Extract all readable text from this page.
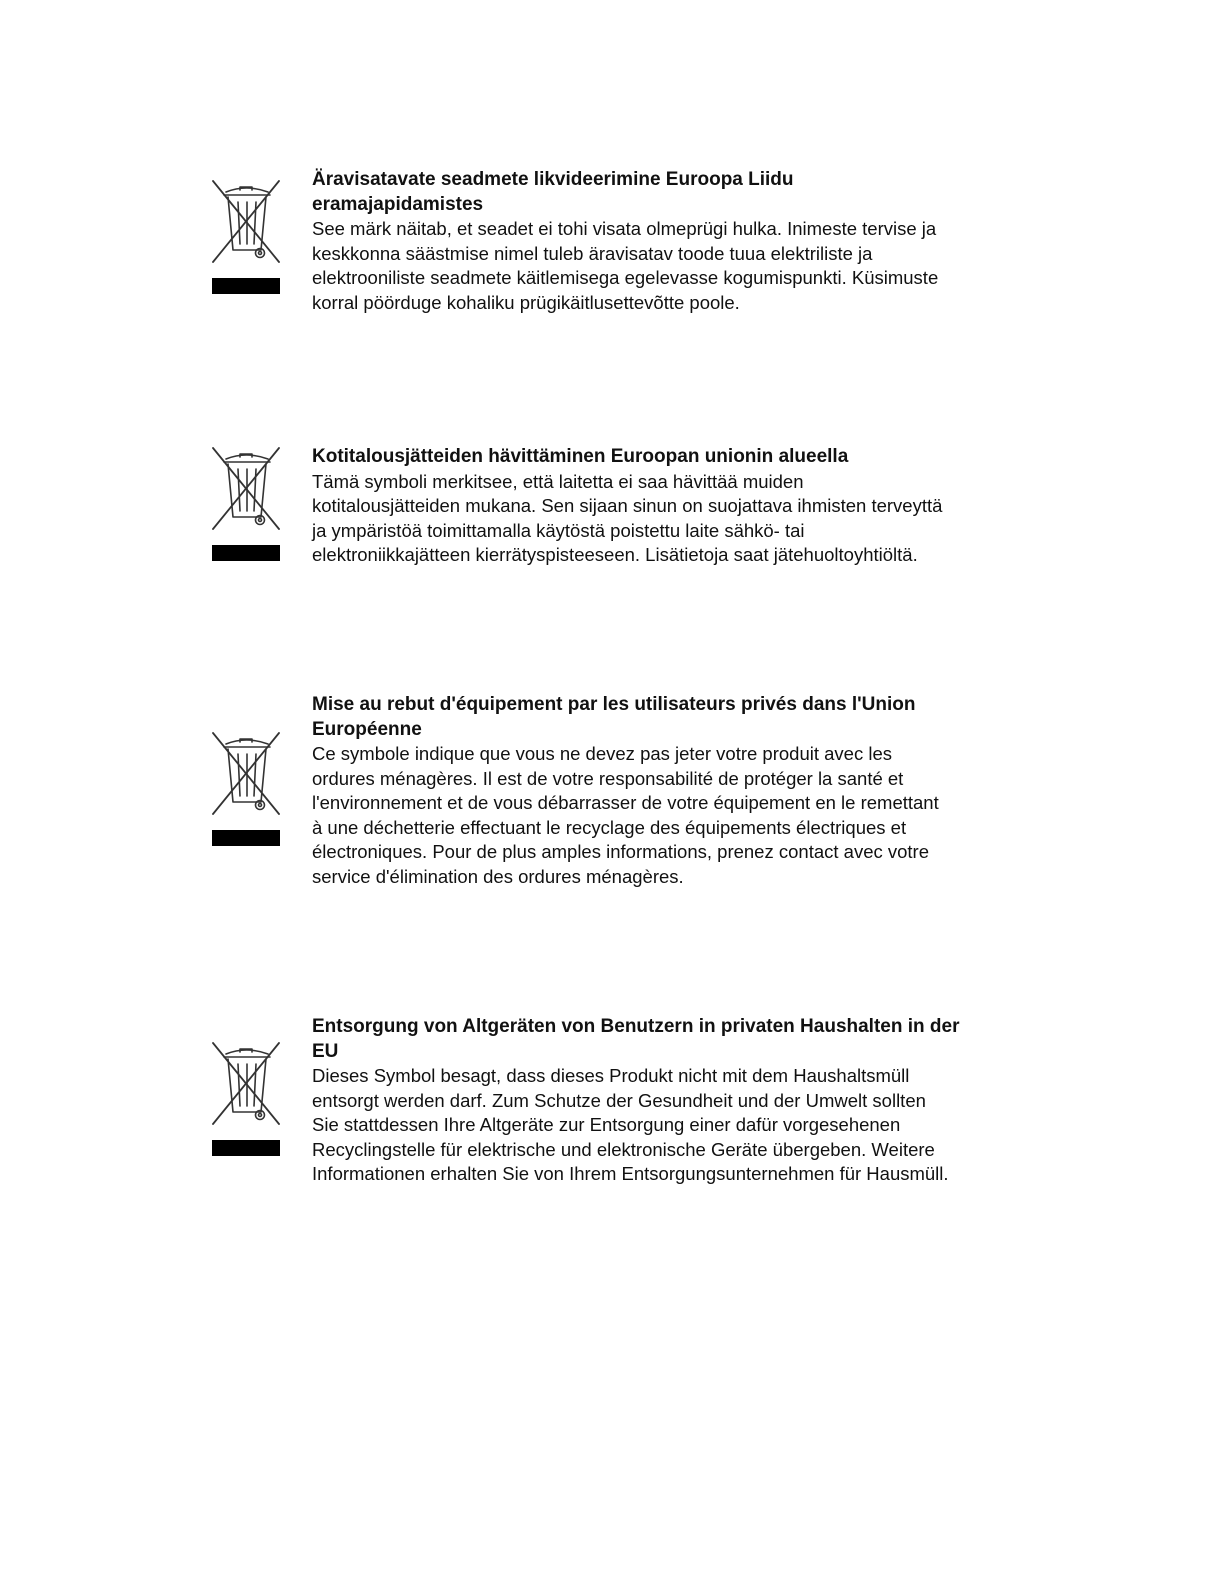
Äravisatavate seadmete likvideerimine Euroopa Liidu
eramajapidamistes

See märk näitab, et seadet ei tohi visata olmeprügi hulka. Inimeste tervise ja
keskkonna säästmise nimel tuleb äravisatav toode tuua elektriliste ja
elektrooniliste seadmete käitlemisega egelevasse kogumispunkti. Küsimuste
korral pöörduge kohaliku prügikäitlusettevõtte poole.

Kotitalousjätteiden hävittäminen Euroopan unionin alueella

Tämä symboli merkitsee, että laitetta ei saa hävittää muiden
kotitalousjätteiden mukana. Sen sijaan sinun on suojattava ihmisten terveyttä
ja ympäristöä toimittamalla käytöstä poistettu laite sähkö- tai
elektroniikkajätteen kierrätyspisteeseen. Lisätietoja saat jätehuoltoyhtiöltä.

Mise au rebut d'équipement par les utilisateurs privés dans l'Union
Européenne

Ce symbole indique que vous ne devez pas jeter votre produit avec les
ordures ménagères. Il est de votre responsabilité de protéger la santé et
l'environnement et de vous débarrasser de votre équipement en le remettant
à une déchetterie effectuant le recyclage des équipements électriques et
électroniques. Pour de plus amples informations, prenez contact avec votre
service d'élimination des ordures ménagères.

Entsorgung von Altgeräten von Benutzern in privaten Haushalten in der
EU

Dieses Symbol besagt, dass dieses Produkt nicht mit dem Haushaltsmüll
entsorgt werden darf. Zum Schutze der Gesundheit und der Umwelt sollten
Sie stattdessen Ihre Altgeräte zur Entsorgung einer dafür vorgesehenen
Recyclingstelle für elektrische und elektronische Geräte übergeben. Weitere
Informationen erhalten Sie von Ihrem Entsorgungsunternehmen für Hausmüll.
